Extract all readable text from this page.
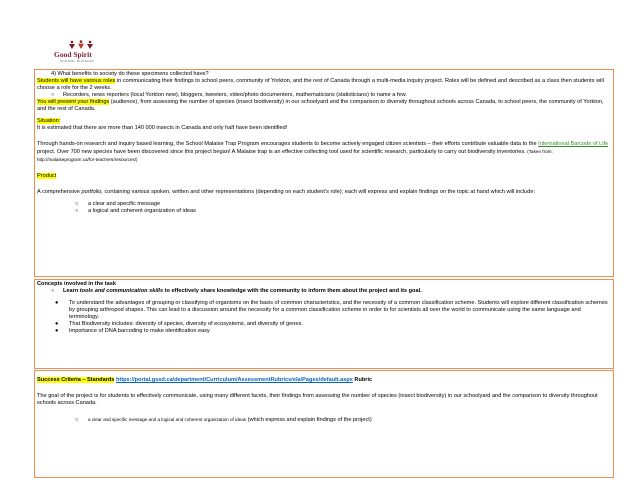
Good Spirit
SCHOOL DIVISION

4) What benefits to society do these specimens collected have?

Students will have various roles in communicating their findings to school peers, community of Yorkton, and the rest of Canada through a multi-media inquiry project. Roles will be defined and described as a class then students will choose a role for the 2 weeks.

○ Recorders, news reporters (local Yorkton new), bloggers, tweeters, video/photo documenters, mathematicians (statisticians) to name a few.

You will present your findings (audience), from assessing the number of species (insect biodiversity) in our schoolyard and the comparison to diversity throughout schools across Canada, to school peers, the community of Yorkton, and the rest of Canada.

Situation:

It is estimated that there are more than 140 000 insects in Canada and only half have been identified!

Through hands-on research and inquiry based learning, the School Malaise Trap Program encourages students to become actively engaged citizen scientists – their efforts contribute valuable data to the International Barcode of Life project. Over 700 new species have been discovered since this project began! A Malaise trap is an effective collecting tool used for scientific research, particularly to carry out biodiversity inventories. (Taken from: http://malaiseprogram.ca/for-teachers/resources/)

Product

A comprehensive portfolio, containing various spoken, written and other representations (depending on each student’s role); each will express and explain findings on the topic at hand which will include:

○ a clear and specific message

○ a logical and coherent organization of ideas

Concepts involved in the task

○ Learn tools and communication skills to effectively share knowledge with the community to inform them about the project and its goal.

●	To understand the advantages of grouping or classifying of organisms on the basis of common characteristics, and the necessity of a common classification scheme. Students will explore different classification schemes by grouping arthropod shapes. This can lead to a discussion around the necessity for a common classification scheme in order to for scientists all over the world to communicate using the same language and terminology.
●	That Biodiversity includes: diversity of species, diversity of ecosystems, and diversity of genes.
●	Importance of DNA barcoding to make identification easy

Success Criteria – Standards https://portal.gssd.ca/department/Curriculum/AssessmentRubrics/ela/Pages/default.aspx Rubric

The goal of the project is for students to effectively communicate, using many different facets, their findings from assessing the number of species (insect biodiversity) in our schoolyard and the comparison to diversity throughout schools across Canada.

○ a clear and specific message and a logical and coherent organization of ideas (which express and explain findings of the project)
